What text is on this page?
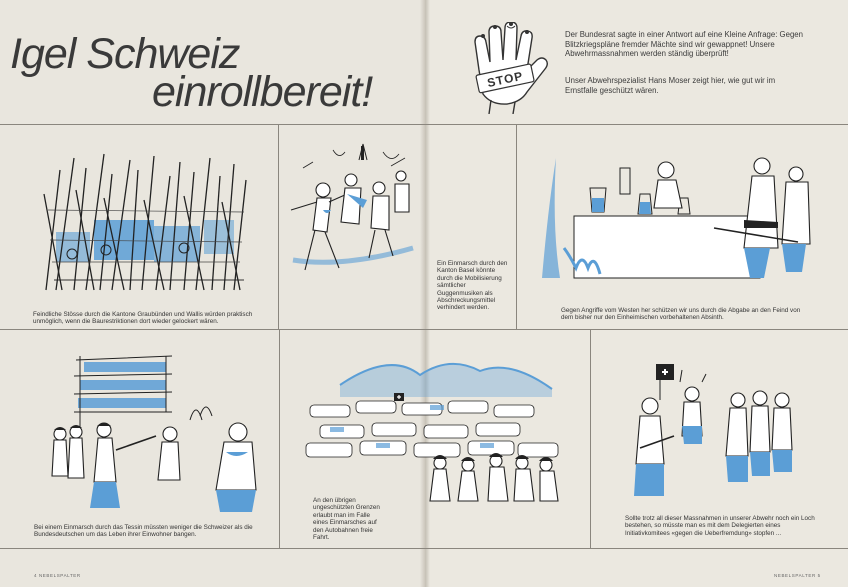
Igel Schweiz
einrollbereit!	STOP
Der Bundesrat sagte in einer Antwort auf eine Kleine Anfrage: Gegen Blitzkriegspläne fremder Mächte sind wir gewappnet! Unsere Abwehrmassnahmen werden ständig überprüft!
Unser Abwehrspezialist Hans Moser zeigt hier, wie gut wir im Ernstfalle geschützt wären.
Feindliche Stösse durch die Kantone Graubünden und Wallis würden praktisch unmöglich, wenn die Baurestriktionen dort wieder gelockert wären.
Ein Einmarsch durch den Kanton Basel könnte durch die Mobilisierung sämtlicher Guggenmusiken als Abschreckungsmittel verhindert werden.	Gegen Angriffe vom Westen her schützen wir uns durch die Abgabe an den Feind von dem bisher nur den Einheimischen vorbehaltenen Absinth.
Bei einem Einmarsch durch das Tessin müssten weniger die Schweizer als die Bundesdeutschen um das Leben ihrer Einwohner bangen.
An den übrigen ungeschützten Grenzen erlaubt man im Falle eines Einmarsches auf den Autobahnen freie Fahrt.
Sollte trotz all dieser Massnahmen in unserer Abwehr noch ein Loch bestehen, so müsste man es mit dem Delegierten eines Initiativkomitees «gegen die Ueberfremdung» stopfen ...
4 NEBELSPALTER	NEBELSPALTER 5
